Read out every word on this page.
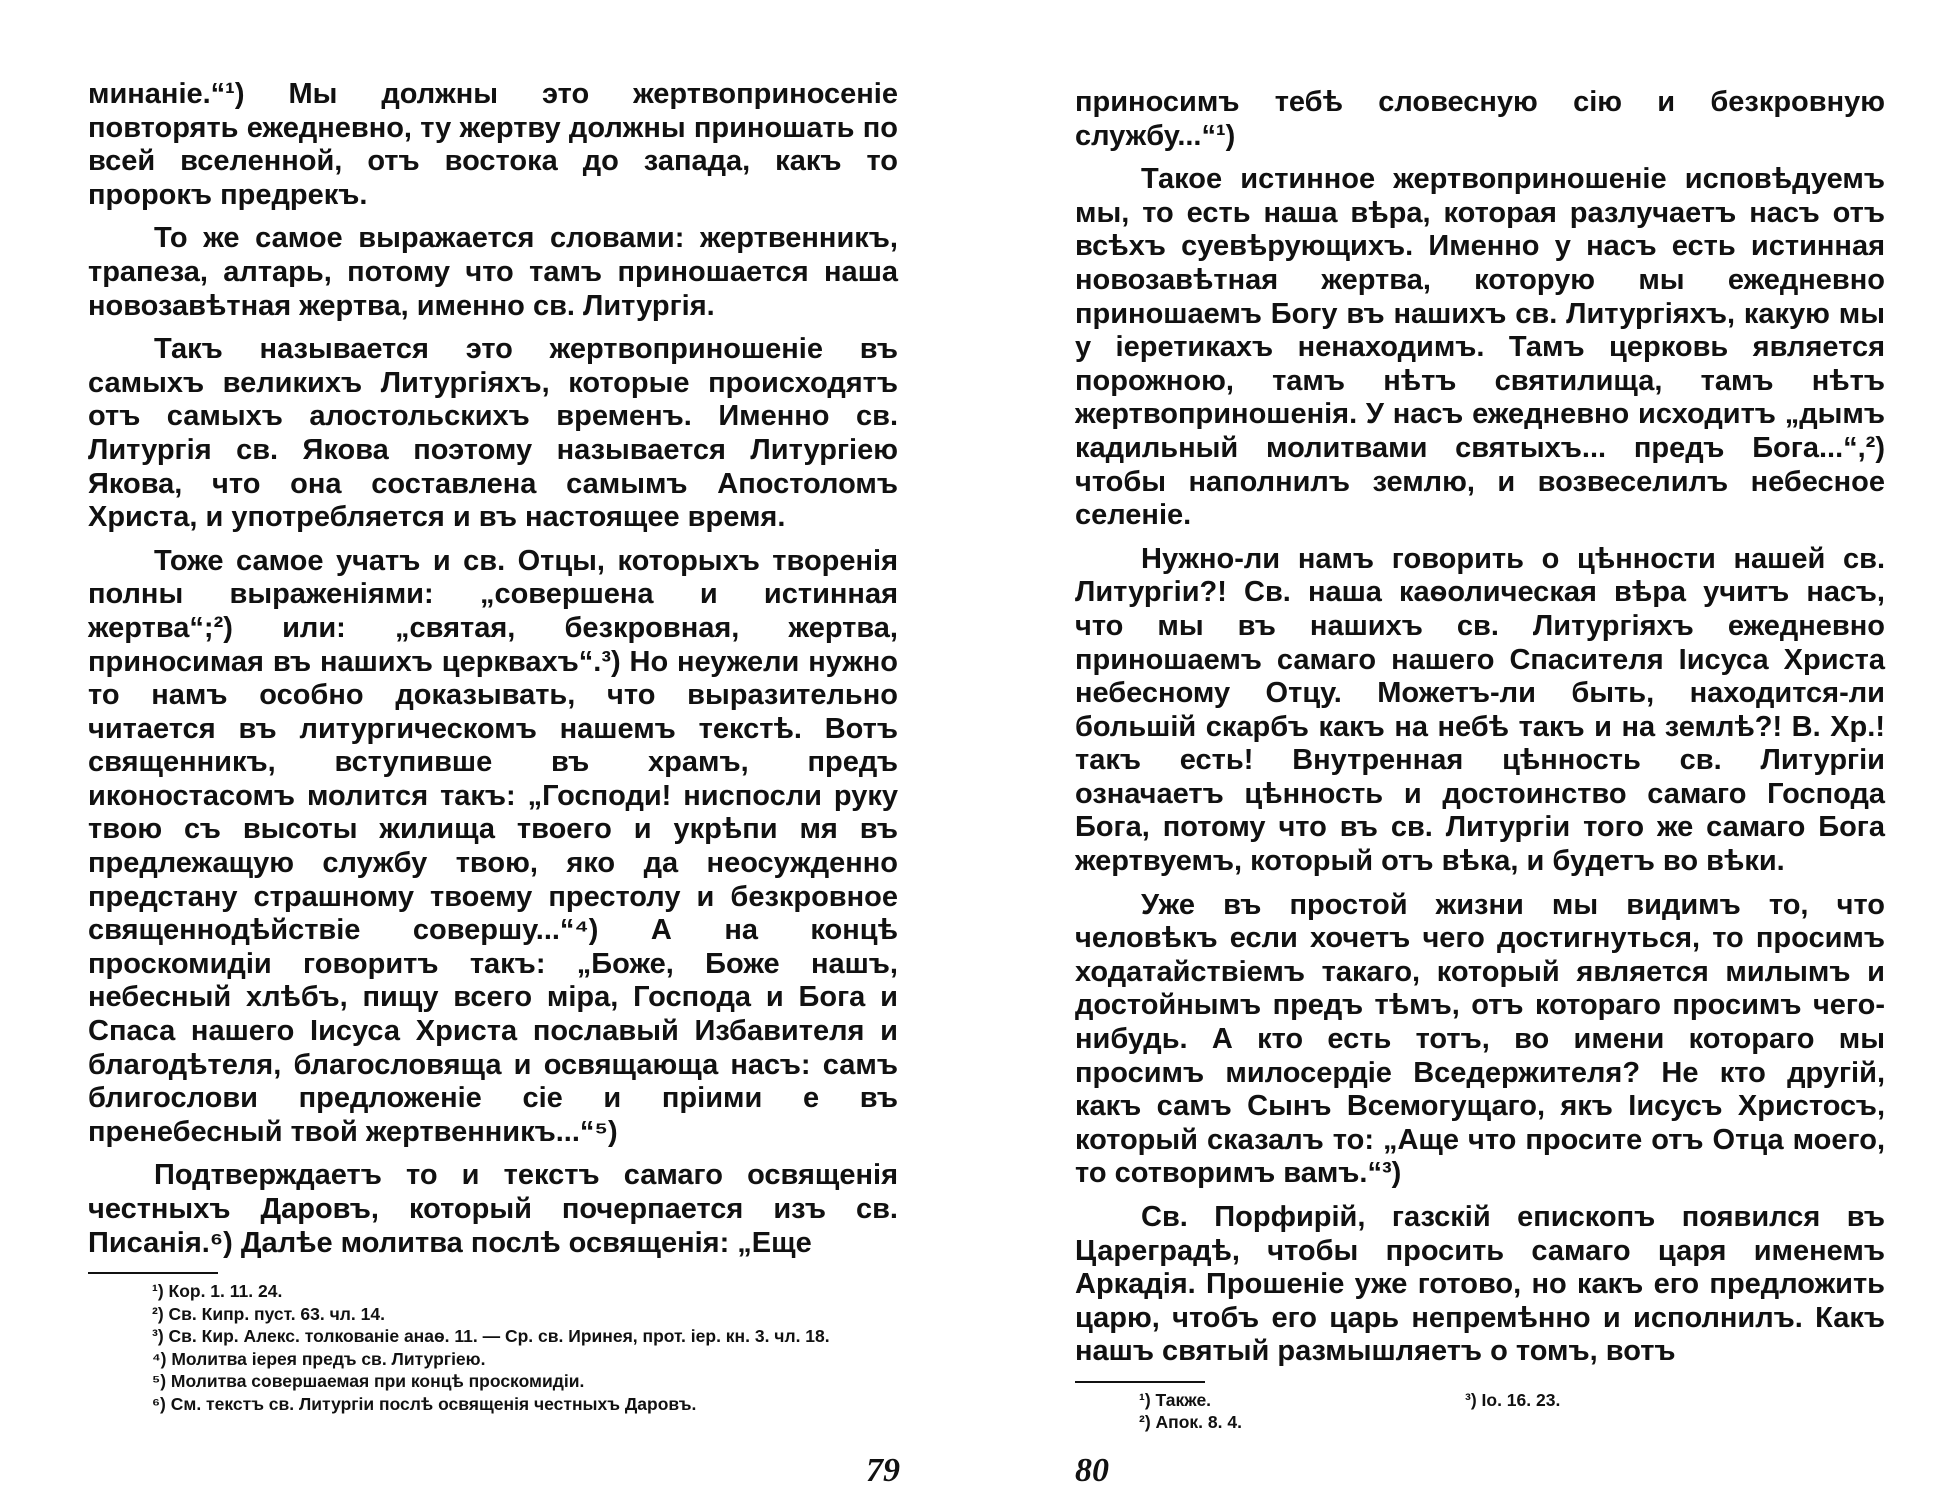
минаніе.“¹) Мы должны это жертвоприносеніе повторять ежедневно, ту жертву должны приношать по всей вселенной, отъ востока до запада, какъ то пророкъ предрекъ.

То же самое выражается словами: жертвенникъ, трапеза, алтарь, потому что тамъ приношается наша новозавѣтная жертва, именно св. Литургія.

Такъ называется это жертвоприношеніе въ самыхъ великихъ Литургіяхъ, которые происходятъ отъ самыхъ алостольскихъ временъ. Именно св. Литургія св. Якова поэтому называется Литургіею Якова, что она составлена самымъ Апостоломъ Христа, и употребляется и въ настоящее время.

Тоже самое учатъ и св. Отцы, которыхъ творенія полны выраженіями: „совершена и истинная жертва“;²) или: „святая, безкровная, жертва, приносимая въ нашихъ церквахъ“.³) Но неужели нужно то намъ особно доказывать, что выразительно читается въ литургическомъ нашемъ текстѣ. Вотъ священникъ, вступивше въ храмъ, предъ иконостасомъ молится такъ: „Господи! ниспосли руку твою съ высоты жилища твоего и укрѣпи мя въ предлежащую службу твою, яко да неосужденно предстану страшному твоему престолу и безкровное священнодѣйствіе совершу...“⁴) А на концѣ проскомидіи говоритъ такъ: „Боже, Боже нашъ, небесный хлѣбъ, пищу всего міра, Господа и Бога и Спаса нашего Іисуса Христа пославый Избавителя и благодѣтеля, благословяща и освящающа насъ: самъ блигослови предложеніе сіе и пріими е въ пренебесный твой жертвенникъ...“⁵)

Подтверждаетъ то и текстъ самаго освященія честныхъ Даровъ, который почерпается изъ св. Писанія.⁶) Далѣе молитва послѣ освященія: „Еще

¹) Кор. 1. 11. 24.
²) Св. Кипр. пуст. 63. чл. 14.
³) Св. Кир. Алекс. толкованіе анаѳ. 11. — Ср. св. Иринея, прот. іер. кн. 3. чл. 18.
⁴) Молитва іерея предъ св. Литургіею.
⁵) Молитва совершаемая при концѣ проскомидіи.
⁶) См. текстъ св. Литургіи послѣ освященія честныхъ Даровъ.

приносимъ тебѣ словесную сію и безкровную службу...“¹)

Такое истинное жертвоприношеніе исповѣдуемъ мы, то есть наша вѣра, которая разлучаетъ насъ отъ всѣхъ суевѣрующихъ. Именно у насъ есть истинная новозавѣтная жертва, которую мы ежедневно приношаемъ Богу въ нашихъ св. Литургіяхъ, какую мы у іеретикахъ ненаходимъ. Тамъ церковь является порожною, тамъ нѣтъ святилища, тамъ нѣтъ жертвоприношенія. У насъ ежедневно исходитъ „дымъ кадильный молитвами святыхъ... предъ Бога...“,²) чтобы наполнилъ землю, и возвеселилъ небесное селеніе.

Нужно-ли намъ говорить о цѣнности нашей св. Литургіи?! Св. наша каѳолическая вѣра учитъ насъ, что мы въ нашихъ св. Литургіяхъ ежедневно приношаемъ самаго нашего Спасителя Іисуса Христа небесному Отцу. Можетъ-ли быть, находится-ли большій скарбъ какъ на небѣ такъ и на землѣ?! В. Хр.! такъ есть! Внутренная цѣнность св. Литургіи означаетъ цѣнность и достоинство самаго Господа Бога, потому что въ св. Литургіи того же самаго Бога жертвуемъ, который отъ вѣка, и будетъ во вѣки.

Уже въ простой жизни мы видимъ то, что человѣкъ если хочетъ чего достигнуться, то просимъ ходатайствіемъ такаго, который является милымъ и достойнымъ предъ тѣмъ, отъ котораго просимъ чего-нибудь. А кто есть тотъ, во имени котораго мы просимъ милосердіе Вседержителя? Не кто другій, какъ самъ Сынъ Всемогущаго, якъ Іисусъ Христосъ, который сказалъ то: „Аще что просите отъ Отца моего, то сотворимъ вамъ.“³)

Св. Порфирій, газскій епископъ появился въ Цареградѣ, чтобы просить самаго царя именемъ Аркадія. Прошеніе уже готово, но какъ его предложить царю, чтобъ его царь непремѣнно и исполнилъ. Какъ нашъ святый размышляетъ о томъ, вотъ

¹) Также.	³) Іо. 16. 23.
²) Апок. 8. 4.
79	80
